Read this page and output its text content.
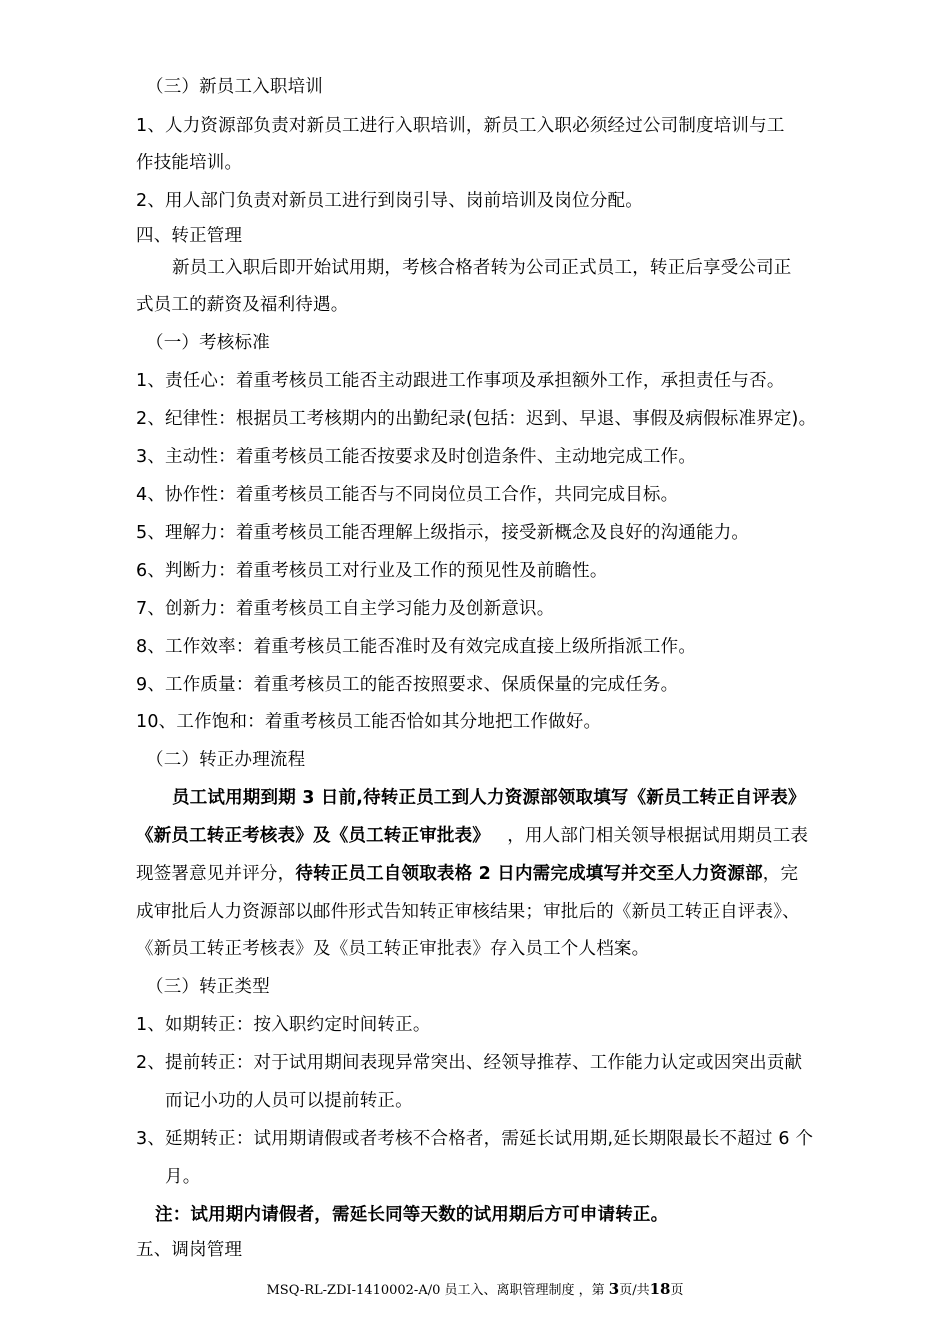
（三）新员工入职培训
1、人力资源部负责对新员工进行入职培训，新员工入职必须经过公司制度培训与工
作技能培训。
2、用人部门负责对新员工进行到岗引导、岗前培训及岗位分配。
四、转正管理
新员工入职后即开始试用期，考核合格者转为公司正式员工，转正后享受公司正
式员工的薪资及福利待遇。
（一）考核标准
1、责任心：着重考核员工能否主动跟进工作事项及承担额外工作，承担责任与否。
2、纪律性：根据员工考核期内的出勤纪录(包括：迟到、早退、事假及病假标准界定)。
3、主动性：着重考核员工能否按要求及时创造条件、主动地完成工作。
4、协作性：着重考核员工能否与不同岗位员工合作，共同完成目标。
5、理解力：着重考核员工能否理解上级指示，接受新概念及良好的沟通能力。
6、判断力：着重考核员工对行业及工作的预见性及前瞻性。
7、创新力：着重考核员工自主学习能力及创新意识。
8、工作效率：着重考核员工能否准时及有效完成直接上级所指派工作。
9、工作质量：着重考核员工的能否按照要求、保质保量的完成任务。
10、工作饱和：着重考核员工能否恰如其分地把工作做好。
（二）转正办理流程
员工试用期到期 3 日前,待转正员工到人力资源部领取填写《新员工转正自评表》
《新员工转正考核表》及《员工转正审批表》 ，用人部门相关领导根据试用期员工表
现签署意见并评分，待转正员工自领取表格 2 日内需完成填写并交至人力资源部，完
成审批后人力资源部以邮件形式告知转正审核结果；审批后的《新员工转正自评表》、
《新员工转正考核表》及《员工转正审批表》存入员工个人档案。
（三）转正类型
1、如期转正：按入职约定时间转正。
2、提前转正：对于试用期间表现异常突出、经领导推荐、工作能力认定或因突出贡献
而记小功的人员可以提前转正。
3、延期转正：试用期请假或者考核不合格者，需延长试用期,延长期限最长不超过 6 个
月。
注：试用期内请假者，需延长同等天数的试用期后方可申请转正。
五、调岗管理
MSQ-RL-ZDI-1410002-A/0 员工入、离职管理制度 ，第 3页/共18页
